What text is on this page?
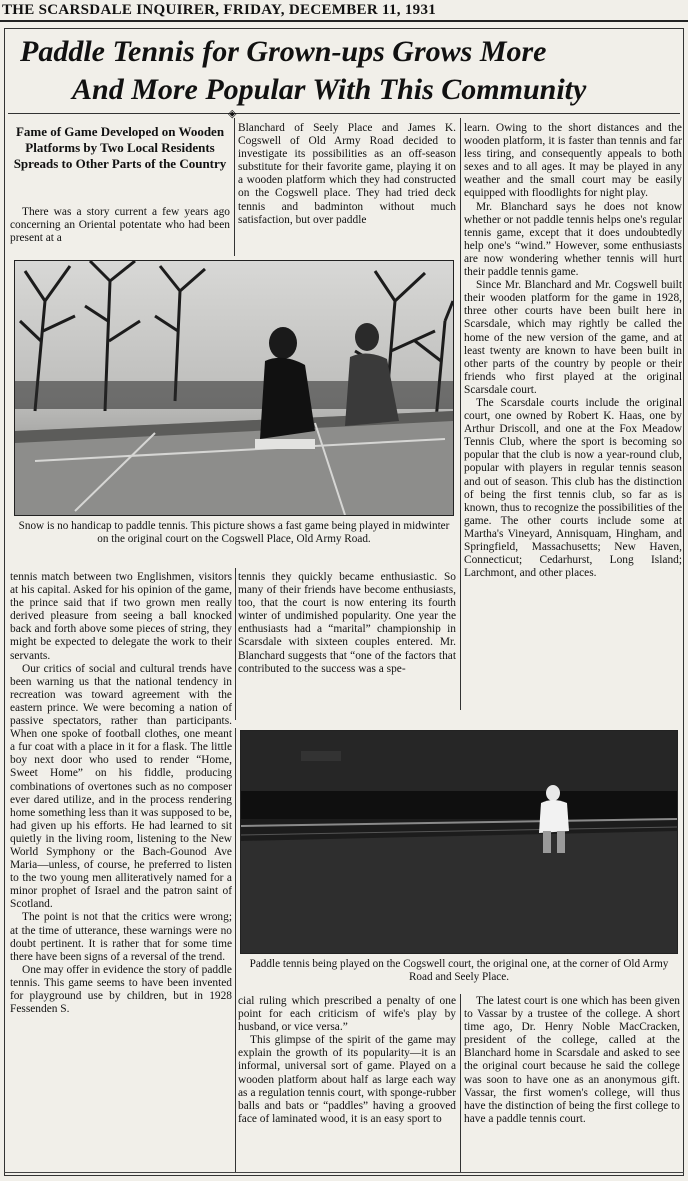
THE SCARSDALE INQUIRER, FRIDAY, DECEMBER 11, 1931
Paddle Tennis for Grown-ups Grows More
And More Popular With This Community
◈
Fame of Game Developed on Wooden Platforms by Two Local Residents Spreads to Other Parts of the Country

There was a story current a few years ago concerning an Oriental potentate who had been present at a

Blanchard of Seely Place and James K. Cogswell of Old Army Road decided to investigate its possibilities as an off-season substitute for their favorite game, playing it on a wooden platform which they had constructed on the Cogswell place. They had tried deck tennis and badminton without much satisfaction, but over paddle

learn. Owing to the short distances and the wooden platform, it is faster than tennis and far less tiring, and consequently appeals to both sexes and to all ages. It may be played in any weather and the small court may be easily equipped with floodlights for night play.

Mr. Blanchard says he does not know whether or not paddle tennis helps one's regular tennis game, except that it does undoubtedly help one's “wind.” However, some enthusiasts are now wondering whether tennis will hurt their paddle tennis game.

Since Mr. Blanchard and Mr. Cogswell built their wooden platform for the game in 1928, three other courts have been built here in Scarsdale, which may rightly be called the home of the new version of the game, and at least twenty are known to have been built in other parts of the country by people or their friends who first played at the original Scarsdale court.

The Scarsdale courts include the original court, one owned by Robert K. Haas, one by Arthur Driscoll, and one at the Fox Meadow Tennis Club, where the sport is becoming so popular that the club is now a year-round club, popular with players in regular tennis season and out of season. This club has the distinction of being the first tennis club, so far as is known, thus to recognize the possibilities of the game. The other courts include some at Martha's Vineyard, Annisquam, Hingham, and Springfield, Massachusetts; New Haven, Connecticut; Cedarhurst, Long Island; Larchmont, and other places.

Snow is no handicap to paddle tennis. This picture shows a fast game being played in midwinter on the original court on the Cogswell Place, Old Army Road.

tennis match between two Englishmen, visitors at his capital. Asked for his opinion of the game, the prince said that if two grown men really derived pleasure from seeing a ball knocked back and forth above some pieces of string, they might be expected to delegate the work to their servants.

Our critics of social and cultural trends have been warning us that the national tendency in recreation was toward agreement with the eastern prince. We were becoming a nation of passive spectators, rather than participants. When one spoke of football clothes, one meant a fur coat with a place in it for a flask. The little boy next door who used to render “Home, Sweet Home” on his fiddle, producing combinations of overtones such as no composer ever dared utilize, and in the process rendering home something less than it was supposed to be, had given up his efforts. He had learned to sit quietly in the living room, listening to the New World Symphony or the Bach-Gounod Ave Maria—unless, of course, he preferred to listen to the two young men alliteratively named for a minor prophet of Israel and the patron saint of Scotland.

The point is not that the critics were wrong; at the time of utterance, these warnings were no doubt pertinent. It is rather that for some time there have been signs of a reversal of the trend.

One may offer in evidence the story of paddle tennis. This game seems to have been invented for playground use by children, but in 1928 Fessenden S.

tennis they quickly became enthusiastic. So many of their friends have become enthusiasts, too, that the court is now entering its fourth winter of undimished popularity. One year the enthusiasts had a “marital” championship in Scarsdale with sixteen couples entered. Mr. Blanchard suggests that “one of the factors that contributed to the success was a spe-

Paddle tennis being played on the Cogswell court, the original one, at the corner of Old Army Road and Seely Place.

cial ruling which prescribed a penalty of one point for each criticism of wife's play by husband, or vice versa.”

This glimpse of the spirit of the game may explain the growth of its popularity—it is an informal, universal sort of game. Played on a wooden platform about half as large each way as a regulation tennis court, with sponge-rubber balls and bats or “paddles” having a grooved face of laminated wood, it is an easy sport to

The latest court is one which has been given to Vassar by a trustee of the college. A short time ago, Dr. Henry Noble MacCracken, president of the college, called at the Blanchard home in Scarsdale and asked to see the original court because he said the college was soon to have one as an anonymous gift. Vassar, the first women's college, will thus have the distinction of being the first college to have a paddle tennis court.
